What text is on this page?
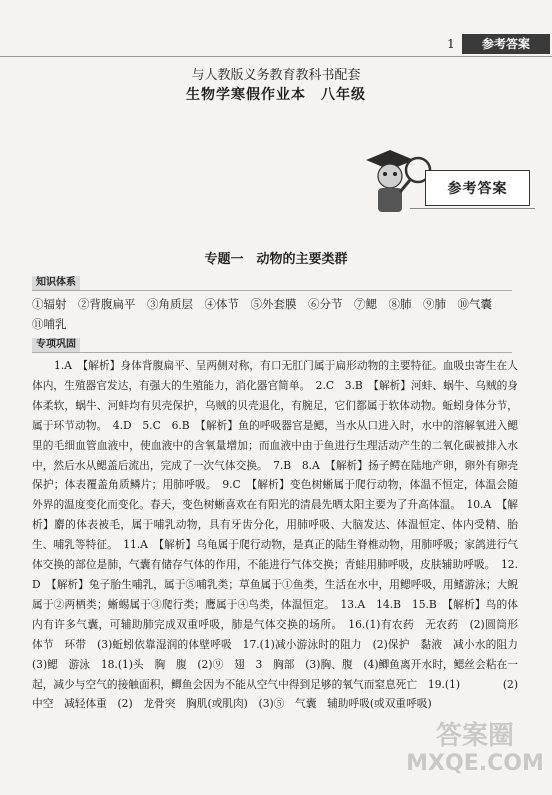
1	参考答案
与人教版义务教育教科书配套
生物学寒假作业本　八年级
参考答案
专题一　动物的主要类群
知识体系

①辐射　②背腹扁平　③角质层　④体节　⑤外套膜　⑥分节　⑦鳃　⑧肺　⑨肺　⑩气囊　⑪哺乳

专项巩固

1.A　【解析】身体背腹扁平、呈两侧对称，有口无肛门属于扁形动物的主要特征。血吸虫寄生在人体内，生殖器官发达，有强大的生殖能力，消化器官简单。　2.C　3.B　【解析】河蚌、蜗牛、乌贼的身体柔软，蜗牛、河蚌均有贝壳保护，乌贼的贝壳退化，有腕足，它们都属于软体动物。蚯蚓身体分节，属于环节动物。　4.D　5.C　6.B　【解析】鱼的呼吸器官是鳃，当水从口进入时，水中的溶解氧进入鳃里的毛细血管血液中，使血液中的含氧量增加；而血液中由于鱼进行生理活动产生的二氧化碳被排入水中，然后水从鳃盖后流出，完成了一次气体交换。　7.B　8.A　【解析】扬子鳄在陆地产卵，卵外有卵壳保护；体表覆盖角质鳞片；用肺呼吸。　9.C　【解析】变色树蜥属于爬行动物，体温不恒定，体温会随外界的温度变化而变化。春天，变色树蜥喜欢在有阳光的清晨先晒太阳主要为了升高体温。　10.A　【解析】麝的体表被毛，属于哺乳动物，具有牙齿分化，用肺呼吸、大脑发达、体温恒定、体内受精、胎生、哺乳等特征。　11.A　【解析】乌龟属于爬行动物，是真正的陆生脊椎动物，用肺呼吸；家鸽进行气体交换的部位是肺，气囊有储存气体的作用，不能进行气体交换；青蛙用肺呼吸，皮肤辅助呼吸。　12.D　【解析】兔子胎生哺乳，属于⑤哺乳类；草鱼属于①鱼类，生活在水中，用鳃呼吸，用鳍游泳；大鲵属于②两栖类；蜥蜴属于③爬行类；鹰属于④鸟类，体温恒定。　13.A　14.B　15.B　【解析】鸟的体内有许多气囊，可辅助肺完成双重呼吸，肺是气体交换的场所。　16.(1)有农药　无农药　(2)圆筒形　体节　环带　(3)蚯蚓依靠湿润的体壁呼吸　17.(1)减小游泳时的阻力　(2)保护　黏液　减小水的阻力　(3)鳃　游泳　18.(1)头　胸　腹　(2)⑨　翅　3　胸部　(3)胸、腹　(4)鲫鱼离开水时，鳃丝会粘在一起，减少与空气的接触面积，鲫鱼会因为不能从空气中得到足够的氧气而窒息死亡　19.(1)　　　　(2)中空　减轻体重　(2)　龙骨突　胸肌(或肌肉)　(3)⑤　气囊　辅助呼吸(或双重呼吸)

答案圈
MXQE.COM
